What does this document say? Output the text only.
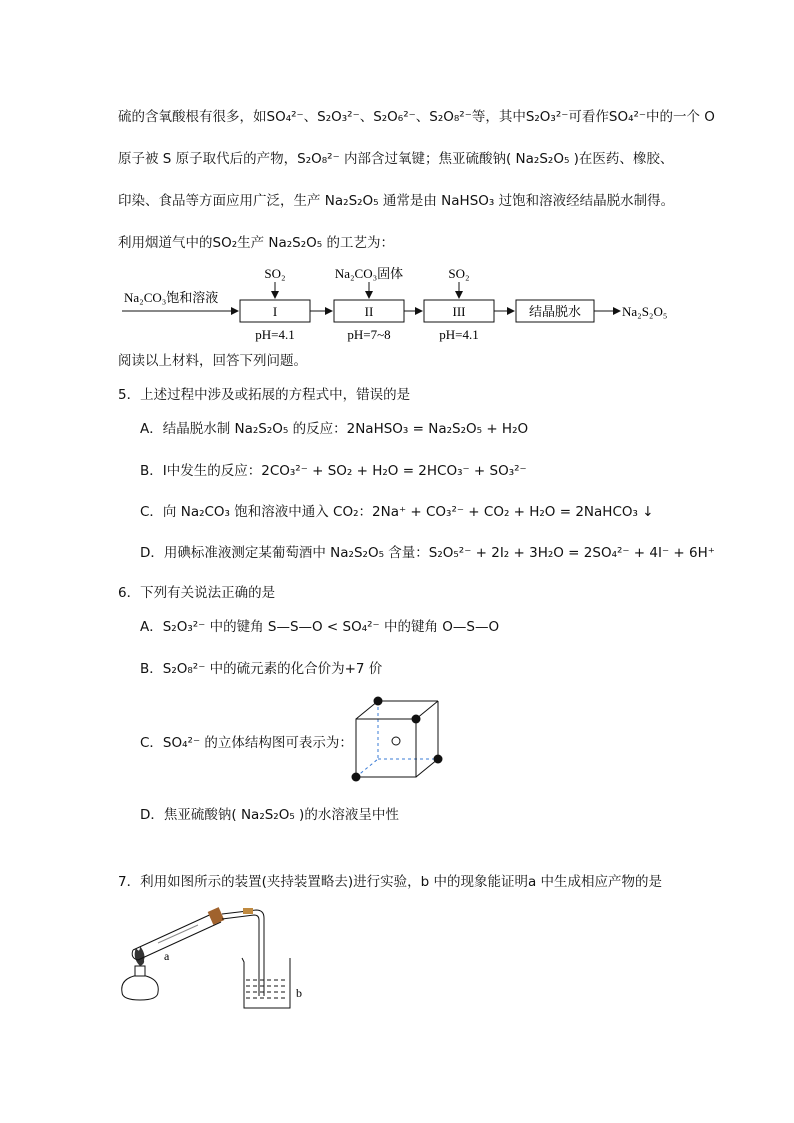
硫的含氧酸根有很多，如SO₄²⁻、S₂O₃²⁻、S₂O₆²⁻、S₂O₈²⁻等，其中S₂O₃²⁻可看作SO₄²⁻中的一个 O
原子被 S 原子取代后的产物，S₂O₈²⁻ 内部含过氧键；焦亚硫酸钠( Na₂S₂O₅ )在医药、橡胶、
印染、食品等方面应用广泛，生产 Na₂S₂O₅ 通常是由 NaHSO₃ 过饱和溶液经结晶脱水制得。
利用烟道气中的SO₂生产 Na₂S₂O₅ 的工艺为：
Na₂CO₃饱和溶液
I
SO₂
pH=4.1
II
Na₂CO₃固体
pH=7~8
III
SO₂
pH=4.1
结晶脱水	Na₂S₂O₅
阅读以上材料，回答下列问题。
5．上述过程中涉及或拓展的方程式中，错误的是
A．结晶脱水制 Na₂S₂O₅ 的反应：2NaHSO₃ = Na₂S₂O₅ + H₂O
B．Ⅰ中发生的反应：2CO₃²⁻ + SO₂ + H₂O = 2HCO₃⁻ + SO₃²⁻
C．向 Na₂CO₃ 饱和溶液中通入 CO₂：2Na⁺ + CO₃²⁻ + CO₂ + H₂O = 2NaHCO₃ ↓
D．用碘标准液测定某葡萄酒中 Na₂S₂O₅ 含量：S₂O₅²⁻ + 2I₂ + 3H₂O = 2SO₄²⁻ + 4I⁻ + 6H⁺
6．下列有关说法正确的是
A．S₂O₃²⁻ 中的键角 S—S—O < SO₄²⁻ 中的键角 O—S—O
B．S₂O₈²⁻ 中的硫元素的化合价为+7 价
C．SO₄²⁻ 的立体结构图可表示为：
D．焦亚硫酸钠( Na₂S₂O₅ )的水溶液呈中性
7．利用如图所示的装置(夹持装置略去)进行实验，b 中的现象能证明a 中生成相应产物的是
a
b
